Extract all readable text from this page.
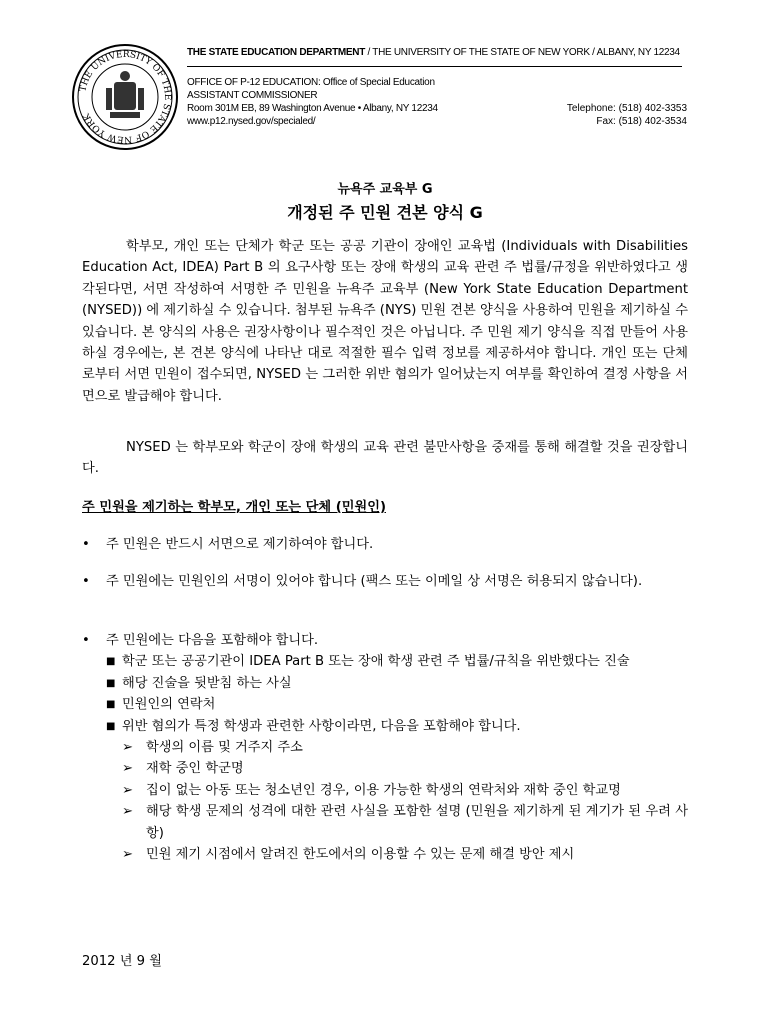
THE UNIVERSITY OF THE STATE OF NEW YORK
THE STATE EDUCATION DEPARTMENT / THE UNIVERSITY OF THE STATE OF NEW YORK / ALBANY, NY 12234
OFFICE OF P-12 EDUCATION: Office of Special Education
ASSISTANT COMMISSIONER
Room 301M EB, 89 Washington Avenue • Albany, NY 12234
www.p12.nysed.gov/specialed/
Telephone: (518) 402-3353
Fax: (518) 402-3534
뉴욕주 교육부 G
개정된 주 민원 견본 양식 G
학부모, 개인 또는 단체가 학군 또는 공공 기관이 장애인 교육법 (Individuals with Disabilities Education Act, IDEA) Part B 의 요구사항 또는 장애 학생의 교육 관련 주 법률/규정을 위반하였다고 생각된다면, 서면 작성하여 서명한 주 민원을 뉴욕주 교육부 (New York State Education Department (NYSED)) 에 제기하실 수 있습니다. 첨부된 뉴욕주 (NYS) 민원 견본 양식을 사용하여 민원을 제기하실 수 있습니다. 본 양식의 사용은 권장사항이나 필수적인 것은 아닙니다. 주 민원 제기 양식을 직접 만들어 사용하실 경우에는, 본 견본 양식에 나타난 대로 적절한 필수 입력 정보를 제공하셔야 합니다. 개인 또는 단체로부터 서면 민원이 접수되면, NYSED 는 그러한 위반 혐의가 일어났는지 여부를 확인하여 결정 사항을 서면으로 발급해야 합니다.
NYSED 는 학부모와 학군이 장애 학생의 교육 관련 불만사항을 중재를 통해 해결할 것을 권장합니다.
주 민원을 제기하는 학부모, 개인 또는 단체 (민원인)
• 주 민원은 반드시 서면으로 제기하여야 합니다.
• 주 민원에는 민원인의 서명이 있어야 합니다 (팩스 또는 이메일 상 서명은 허용되지 않습니다).
• 주 민원에는 다음을 포함해야 합니다.
■ 학군 또는 공공기관이 IDEA Part B 또는 장애 학생 관련 주 법률/규칙을 위반했다는 진술
■ 해당 진술을 뒷받침 하는 사실
■ 민원인의 연락처
■ 위반 혐의가 특정 학생과 관련한 사항이라면, 다음을 포함해야 합니다.
➢ 학생의 이름 및 거주지 주소
➢ 재학 중인 학군명
➢ 집이 없는 아동 또는 청소년인 경우, 이용 가능한 학생의 연락처와 재학 중인 학교명
➢ 해당 학생 문제의 성격에 대한 관련 사실을 포함한 설명 (민원을 제기하게 된 계기가 된 우려 사항)
➢ 민원 제기 시점에서 알려진 한도에서의 이용할 수 있는 문제 해결 방안 제시
2012 년 9 월
